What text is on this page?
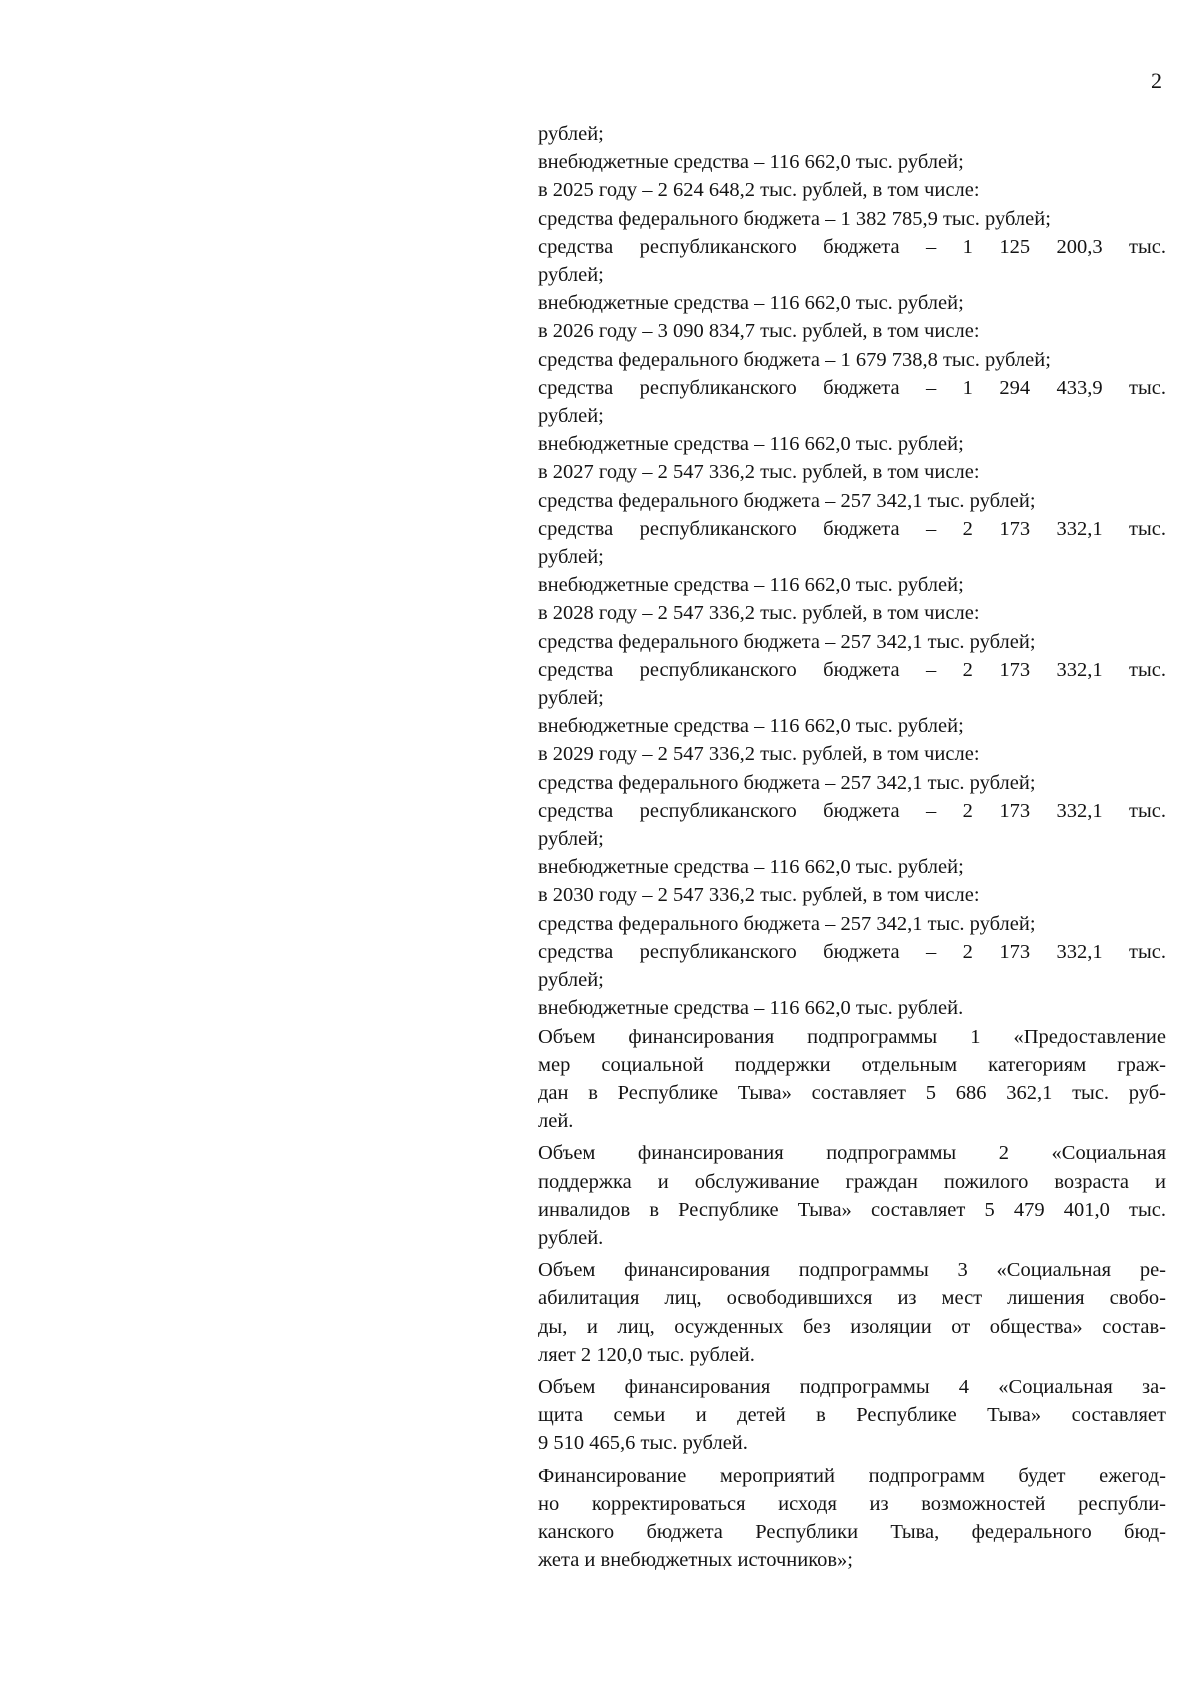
2

рублей;

внебюджетные средства – 116 662,0 тыс. рублей;

в 2025 году – 2 624 648,2 тыс. рублей, в том числе:

средства федерального бюджета – 1 382 785,9 тыс. рублей;

средства республиканского бюджета – 1 125 200,3 тыс.

рублей;

внебюджетные средства – 116 662,0 тыс. рублей;

в 2026 году – 3 090 834,7 тыс. рублей, в том числе:

средства федерального бюджета – 1 679 738,8 тыс. рублей;

средства республиканского бюджета – 1 294 433,9 тыс.

рублей;

внебюджетные средства – 116 662,0 тыс. рублей;

в 2027 году – 2 547 336,2 тыс. рублей, в том числе:

средства федерального бюджета – 257 342,1 тыс. рублей;

средства республиканского бюджета – 2 173 332,1 тыс.

рублей;

внебюджетные средства – 116 662,0 тыс. рублей;

в 2028 году – 2 547 336,2 тыс. рублей, в том числе:

средства федерального бюджета – 257 342,1 тыс. рублей;

средства республиканского бюджета – 2 173 332,1 тыс.

рублей;

внебюджетные средства – 116 662,0 тыс. рублей;

в 2029 году – 2 547 336,2 тыс. рублей, в том числе:

средства федерального бюджета – 257 342,1 тыс. рублей;

средства республиканского бюджета – 2 173 332,1 тыс.

рублей;

внебюджетные средства – 116 662,0 тыс. рублей;

в 2030 году – 2 547 336,2 тыс. рублей, в том числе:

средства федерального бюджета – 257 342,1 тыс. рублей;

средства республиканского бюджета – 2 173 332,1 тыс.

рублей;

внебюджетные средства – 116 662,0 тыс. рублей.

Объем финансирования подпрограммы 1 «Предоставление

мер социальной поддержки отдельным категориям граж-

дан в Республике Тыва» составляет 5 686 362,1 тыс. руб-

лей.

Объем финансирования подпрограммы 2 «Социальная

поддержка и обслуживание граждан пожилого возраста и

инвалидов в Республике Тыва» составляет 5 479 401,0 тыс.

рублей.

Объем финансирования подпрограммы 3 «Социальная ре-

абилитация лиц, освободившихся из мест лишения свобо-

ды, и лиц, осужденных без изоляции от общества» состав-

ляет 2 120,0 тыс. рублей.

Объем финансирования подпрограммы 4 «Социальная за-

щита семьи и детей в Республике Тыва» составляет

9 510 465,6 тыс. рублей.

Финансирование мероприятий подпрограмм будет ежегод-

но корректироваться исходя из возможностей республи-

канского бюджета Республики Тыва, федерального бюд-

жета и внебюджетных источников»;
